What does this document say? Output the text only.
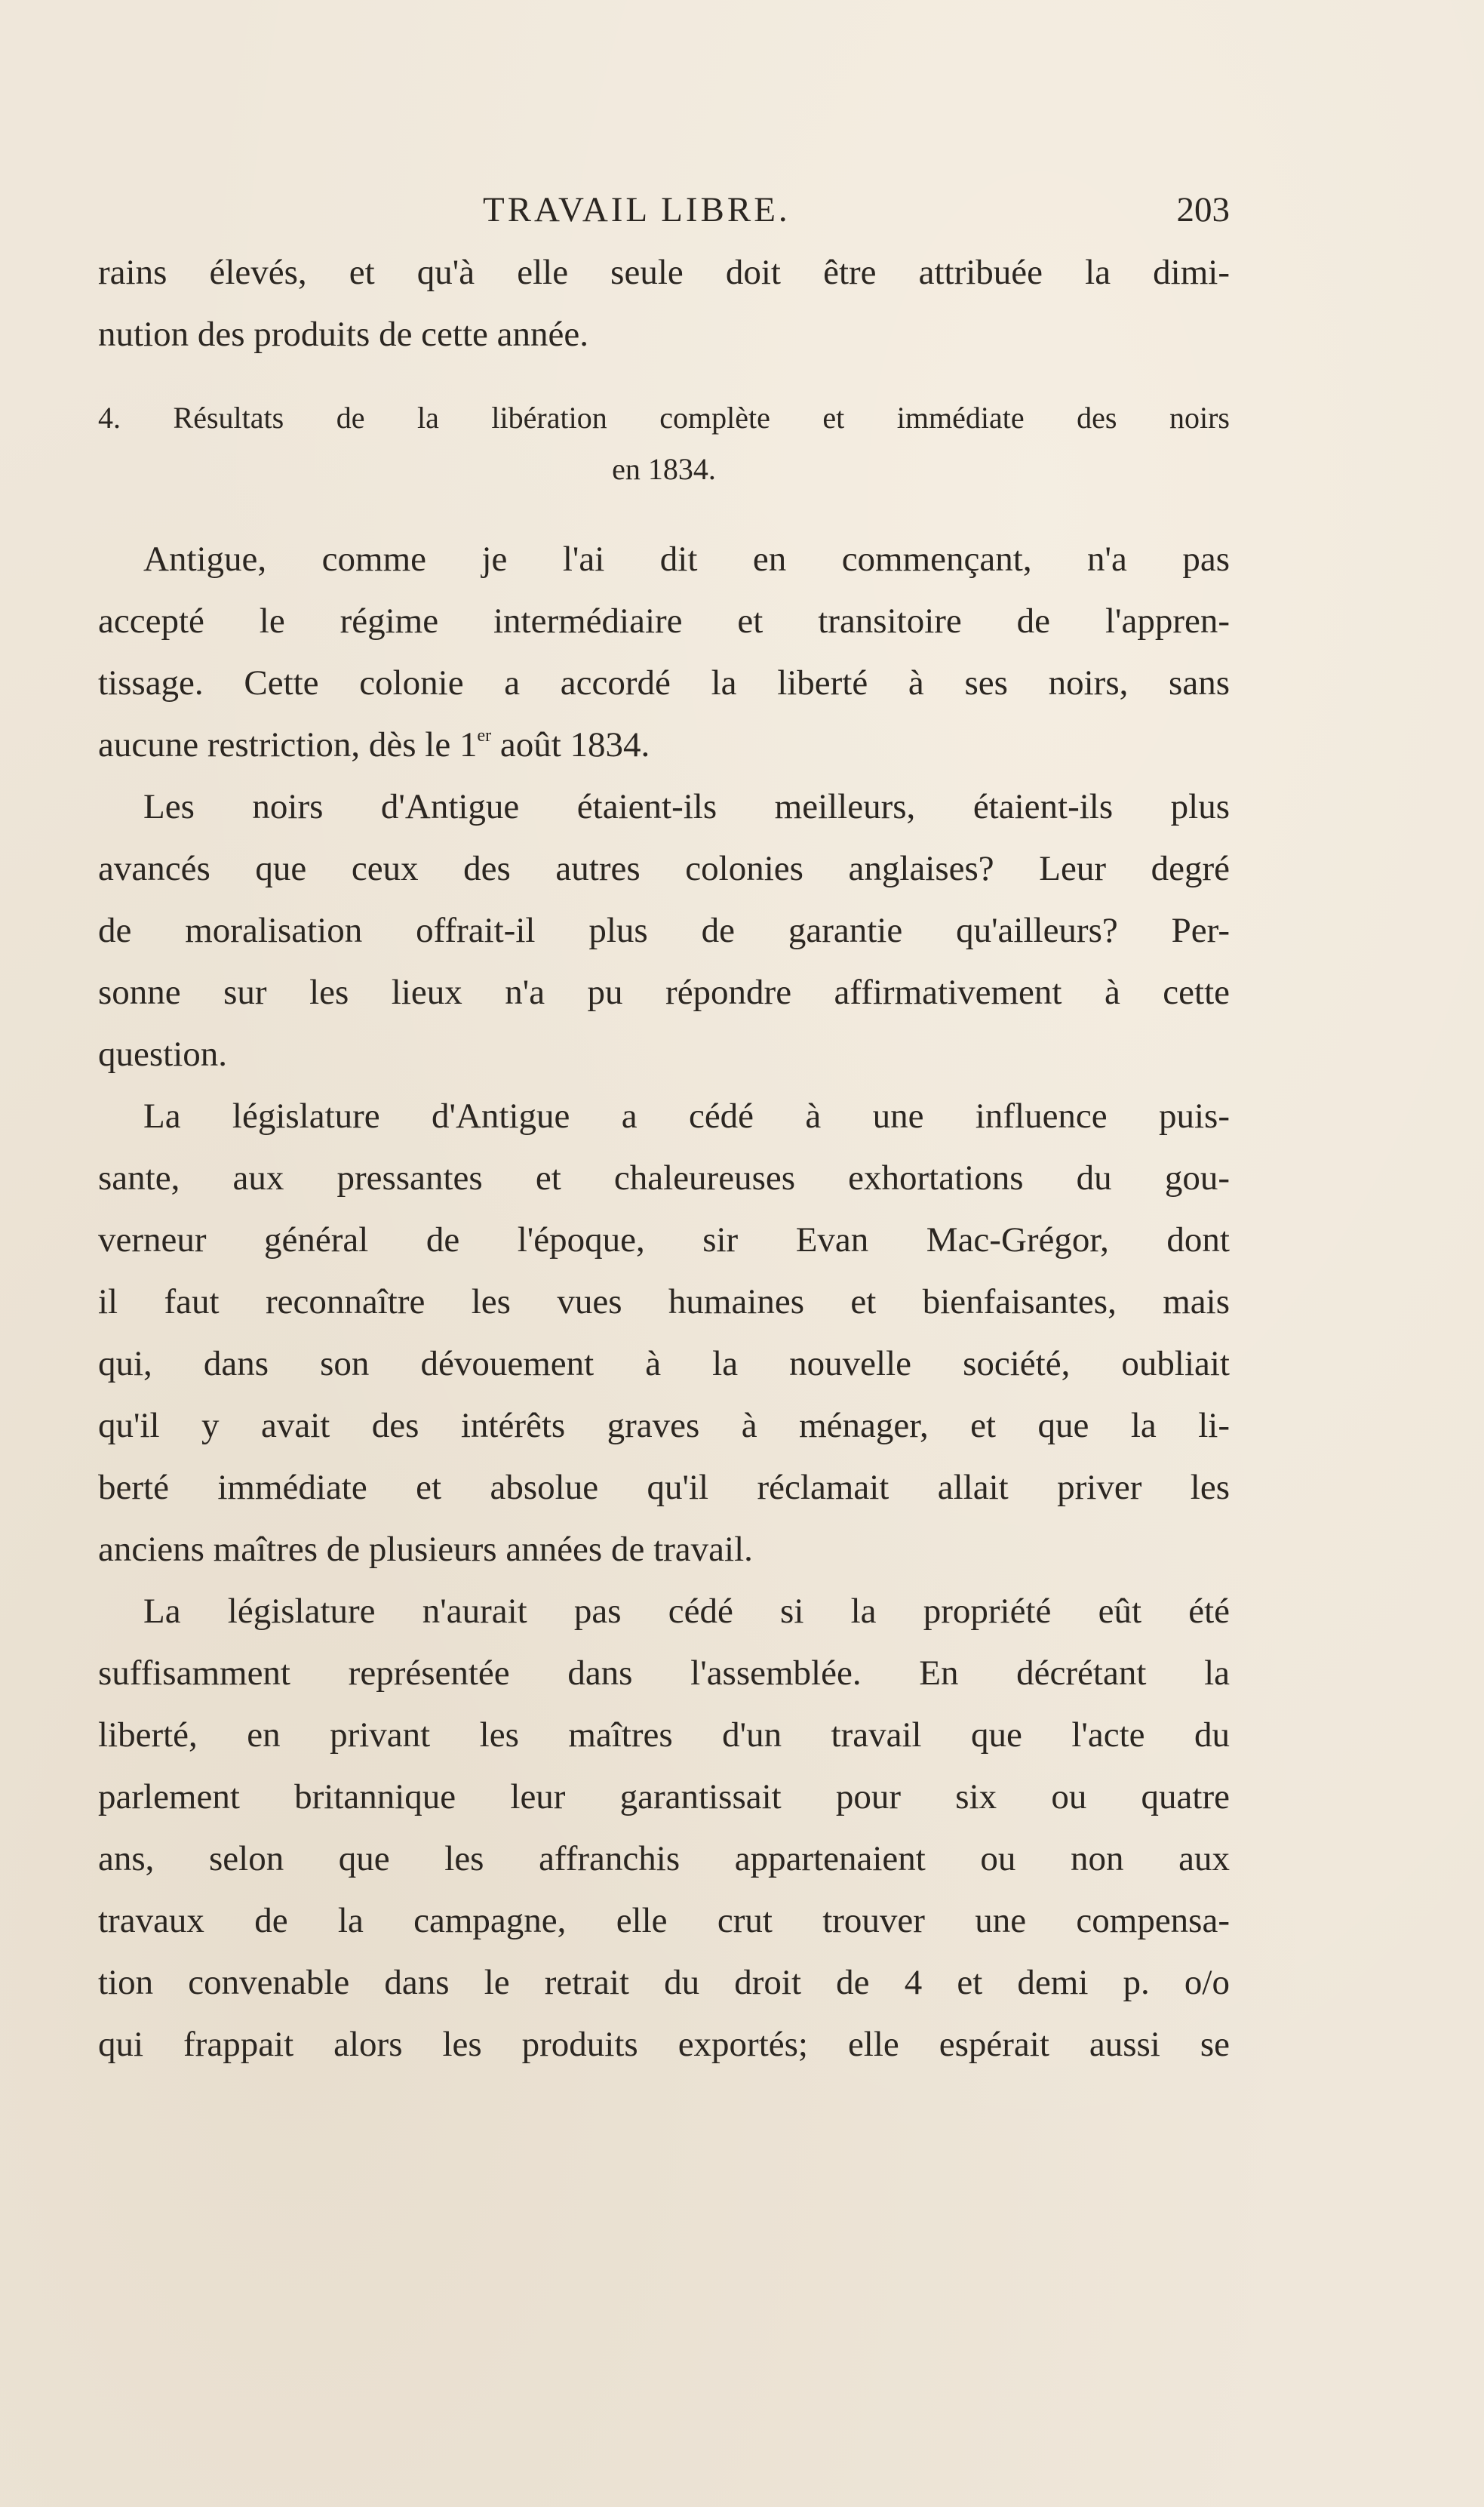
TRAVAIL LIBRE.	203
rains élevés, et qu'à elle seule doit être attribuée la dimi-
nution des produits de cette année.
4. Résultats de la libération complète et immédiate des noirs
en 1834.
Antigue, comme je l'ai dit en commençant, n'a pas
accepté le régime intermédiaire et transitoire de l'appren-
tissage. Cette colonie a accordé la liberté à ses noirs, sans
aucune restriction, dès le 1er août 1834.
Les noirs d'Antigue étaient-ils meilleurs, étaient-ils plus
avancés que ceux des autres colonies anglaises? Leur degré
de moralisation offrait-il plus de garantie qu'ailleurs? Per-
sonne sur les lieux n'a pu répondre affirmativement à cette
question.
La législature d'Antigue a cédé à une influence puis-
sante, aux pressantes et chaleureuses exhortations du gou-
verneur général de l'époque, sir Evan Mac-Grégor, dont
il faut reconnaître les vues humaines et bienfaisantes, mais
qui, dans son dévouement à la nouvelle société, oubliait
qu'il y avait des intérêts graves à ménager, et que la li-
berté immédiate et absolue qu'il réclamait allait priver les
anciens maîtres de plusieurs années de travail.
La législature n'aurait pas cédé si la propriété eût été
suffisamment représentée dans l'assemblée. En décrétant la
liberté, en privant les maîtres d'un travail que l'acte du
parlement britannique leur garantissait pour six ou quatre
ans, selon que les affranchis appartenaient ou non aux
travaux de la campagne, elle crut trouver une compensa-
tion convenable dans le retrait du droit de 4 et demi p. o/o
qui frappait alors les produits exportés; elle espérait aussi se
